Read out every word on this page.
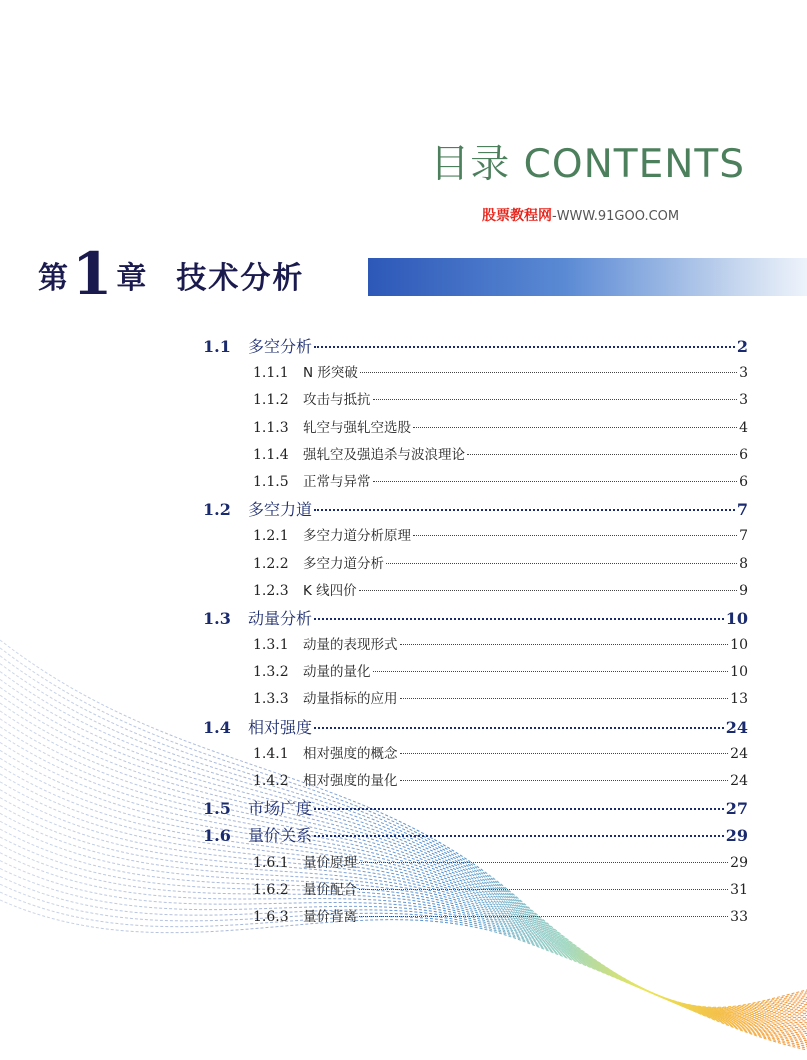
目录 CONTENTS
股票教程网-WWW.91GOO.COM
第1 章 技术分析
1.1	多空分析	2
1.1.1	N 形突破	3
1.1.2	攻击与抵抗	3
1.1.3	轧空与强轧空选股	4
1.1.4	强轧空及强追杀与波浪理论	6
1.1.5	正常与异常	6
1.2	多空力道	7
1.2.1	多空力道分析原理	7
1.2.2	多空力道分析	8
1.2.3	K 线四价	9
1.3	动量分析	10
1.3.1	动量的表现形式	10
1.3.2	动量的量化	10
1.3.3	动量指标的应用	13
1.4	相对强度	24
1.4.1	相对强度的概念	24
1.4.2	相对强度的量化	24
1.5	市场广度	27
1.6	量价关系	29
1.6.1	量价原理	29
1.6.2	量价配合	31
1.6.3	量价背离	33
